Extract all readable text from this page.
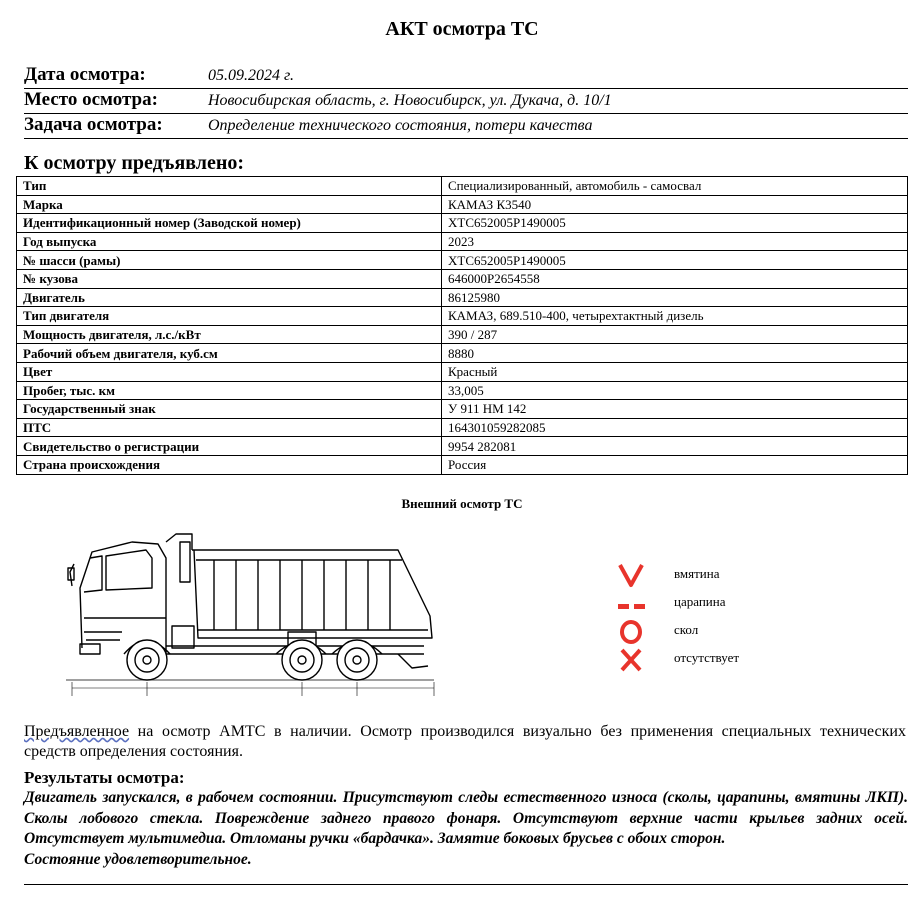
АКТ осмотра ТС
Дата осмотра:	05.09.2024 г.
Место осмотра:	Новосибирская область, г. Новосибирск, ул. Дукача, д. 10/1
Задача осмотра:	Определение технического состояния, потери качества
К осмотру предъявлено:
Тип	Специализированный, автомобиль - самосвал
Марка	КАМАЗ К3540
Идентификационный номер (Заводской номер)	ХТС652005Р1490005
Год выпуска	2023
№ шасси (рамы)	ХТС652005Р1490005
№ кузова	646000Р2654558
Двигатель	86125980
Тип двигателя	КАМАЗ, 689.510-400, четырехтактный дизель
Мощность двигателя, л.с./кВт	390 / 287
Рабочий объем двигателя, куб.см	8880
Цвет	Красный
Пробег, тыс. км	33,005
Государственный знак	У 911 НМ 142
ПТС	164301059282085
Свидетельство о регистрации	9954 282081
Страна происхождения	Россия
Внешний осмотр ТС
вмятина
царапина
скол
отсутствует
Предъявленное на осмотр АМТС в наличии. Осмотр производился визуально без применения специальных технических средств определения состояния.
Результаты осмотра:
Двигатель запускался, в рабочем состоянии. Присутствуют следы естественного износа (сколы, царапины, вмятины ЛКП). Сколы лобового стекла. Повреждение заднего правого фонаря. Отсутствуют верхние части крыльев задних осей. Отсутствует мультимедиа. Отломаны ручки «бардачка». Замятие боковых брусьев с обоих сторон.
Состояние удовлетворительное.
